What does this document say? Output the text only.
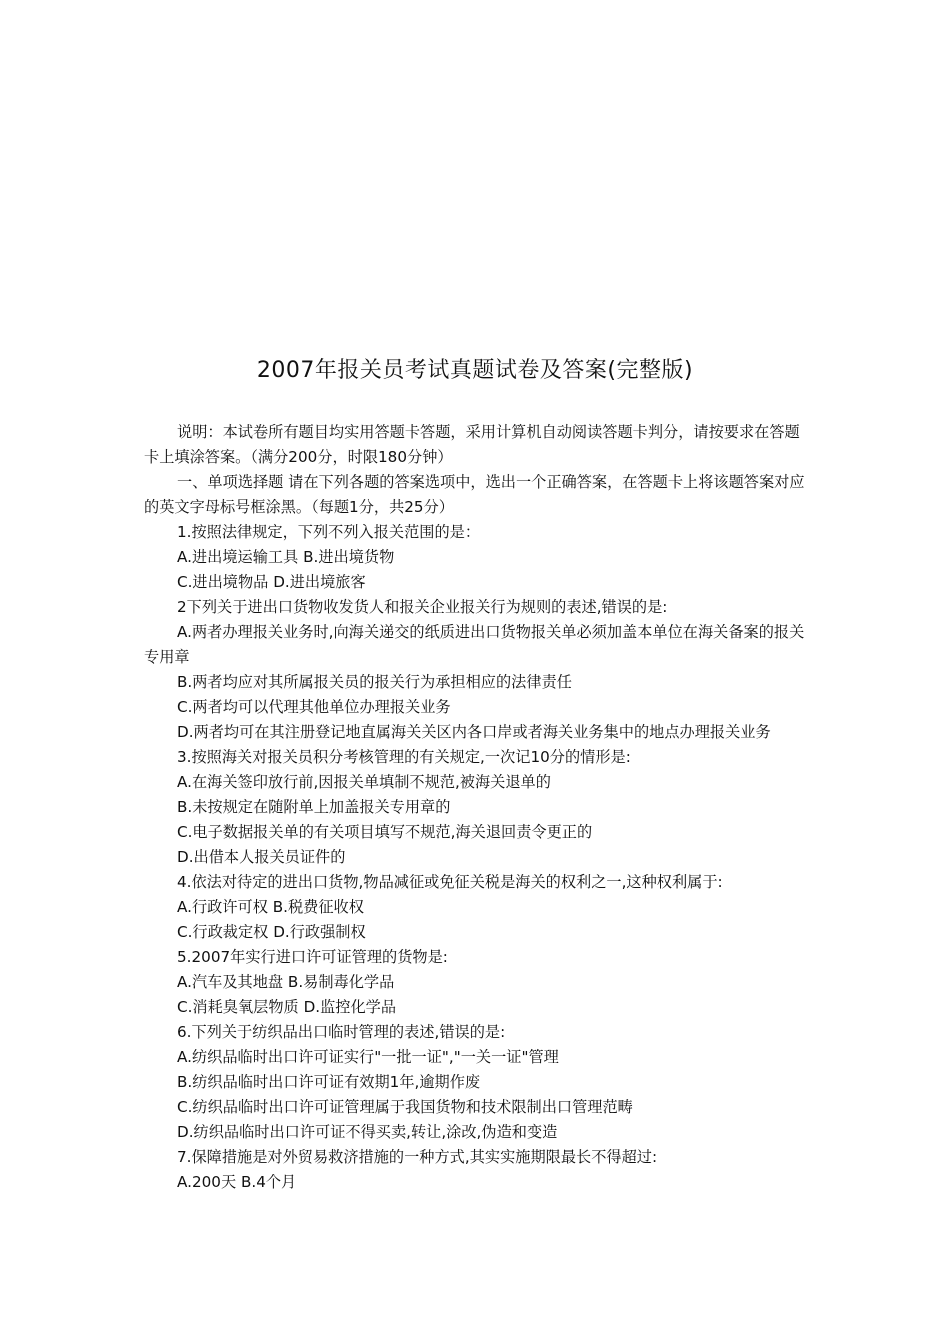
2007年报关员考试真题试卷及答案(完整版)

说明：本试卷所有题目均实用答题卡答题，采用计算机自动阅读答题卡判分，请按要求在答题卡上填涂答案。（满分200分，时限180分钟）

一、单项选择题 请在下列各题的答案选项中，选出一个正确答案，在答题卡上将该题答案对应的英文字母标号框涂黑。（每题1分，共25分）

1.按照法律规定，下列不列入报关范围的是：

A.进出境运输工具 B.进出境货物

C.进出境物品 D.进出境旅客

2下列关于进出口货物收发货人和报关企业报关行为规则的表述,错误的是:

A.两者办理报关业务时,向海关递交的纸质进出口货物报关单必须加盖本单位在海关备案的报关专用章

B.两者均应对其所属报关员的报关行为承担相应的法律责任

C.两者均可以代理其他单位办理报关业务

D.两者均可在其注册登记地直属海关关区内各口岸或者海关业务集中的地点办理报关业务

3.按照海关对报关员积分考核管理的有关规定,一次记10分的情形是:

A.在海关签印放行前,因报关单填制不规范,被海关退单的

B.未按规定在随附单上加盖报关专用章的

C.电子数据报关单的有关项目填写不规范,海关退回责令更正的

D.出借本人报关员证件的

4.依法对待定的进出口货物,物品减征或免征关税是海关的权利之一,这种权利属于:

A.行政许可权 B.税费征收权

C.行政裁定权 D.行政强制权

5.2007年实行进口许可证管理的货物是:

A.汽车及其地盘 B.易制毒化学品

C.消耗臭氧层物质 D.监控化学品

6.下列关于纺织品出口临时管理的表述,错误的是:

A.纺织品临时出口许可证实行"一批一证","一关一证"管理

B.纺织品临时出口许可证有效期1年,逾期作废

C.纺织品临时出口许可证管理属于我国货物和技术限制出口管理范畴

D.纺织品临时出口许可证不得买卖,转让,涂改,伪造和变造

7.保障措施是对外贸易救济措施的一种方式,其实实施期限最长不得超过:

A.200天 B.4个月
